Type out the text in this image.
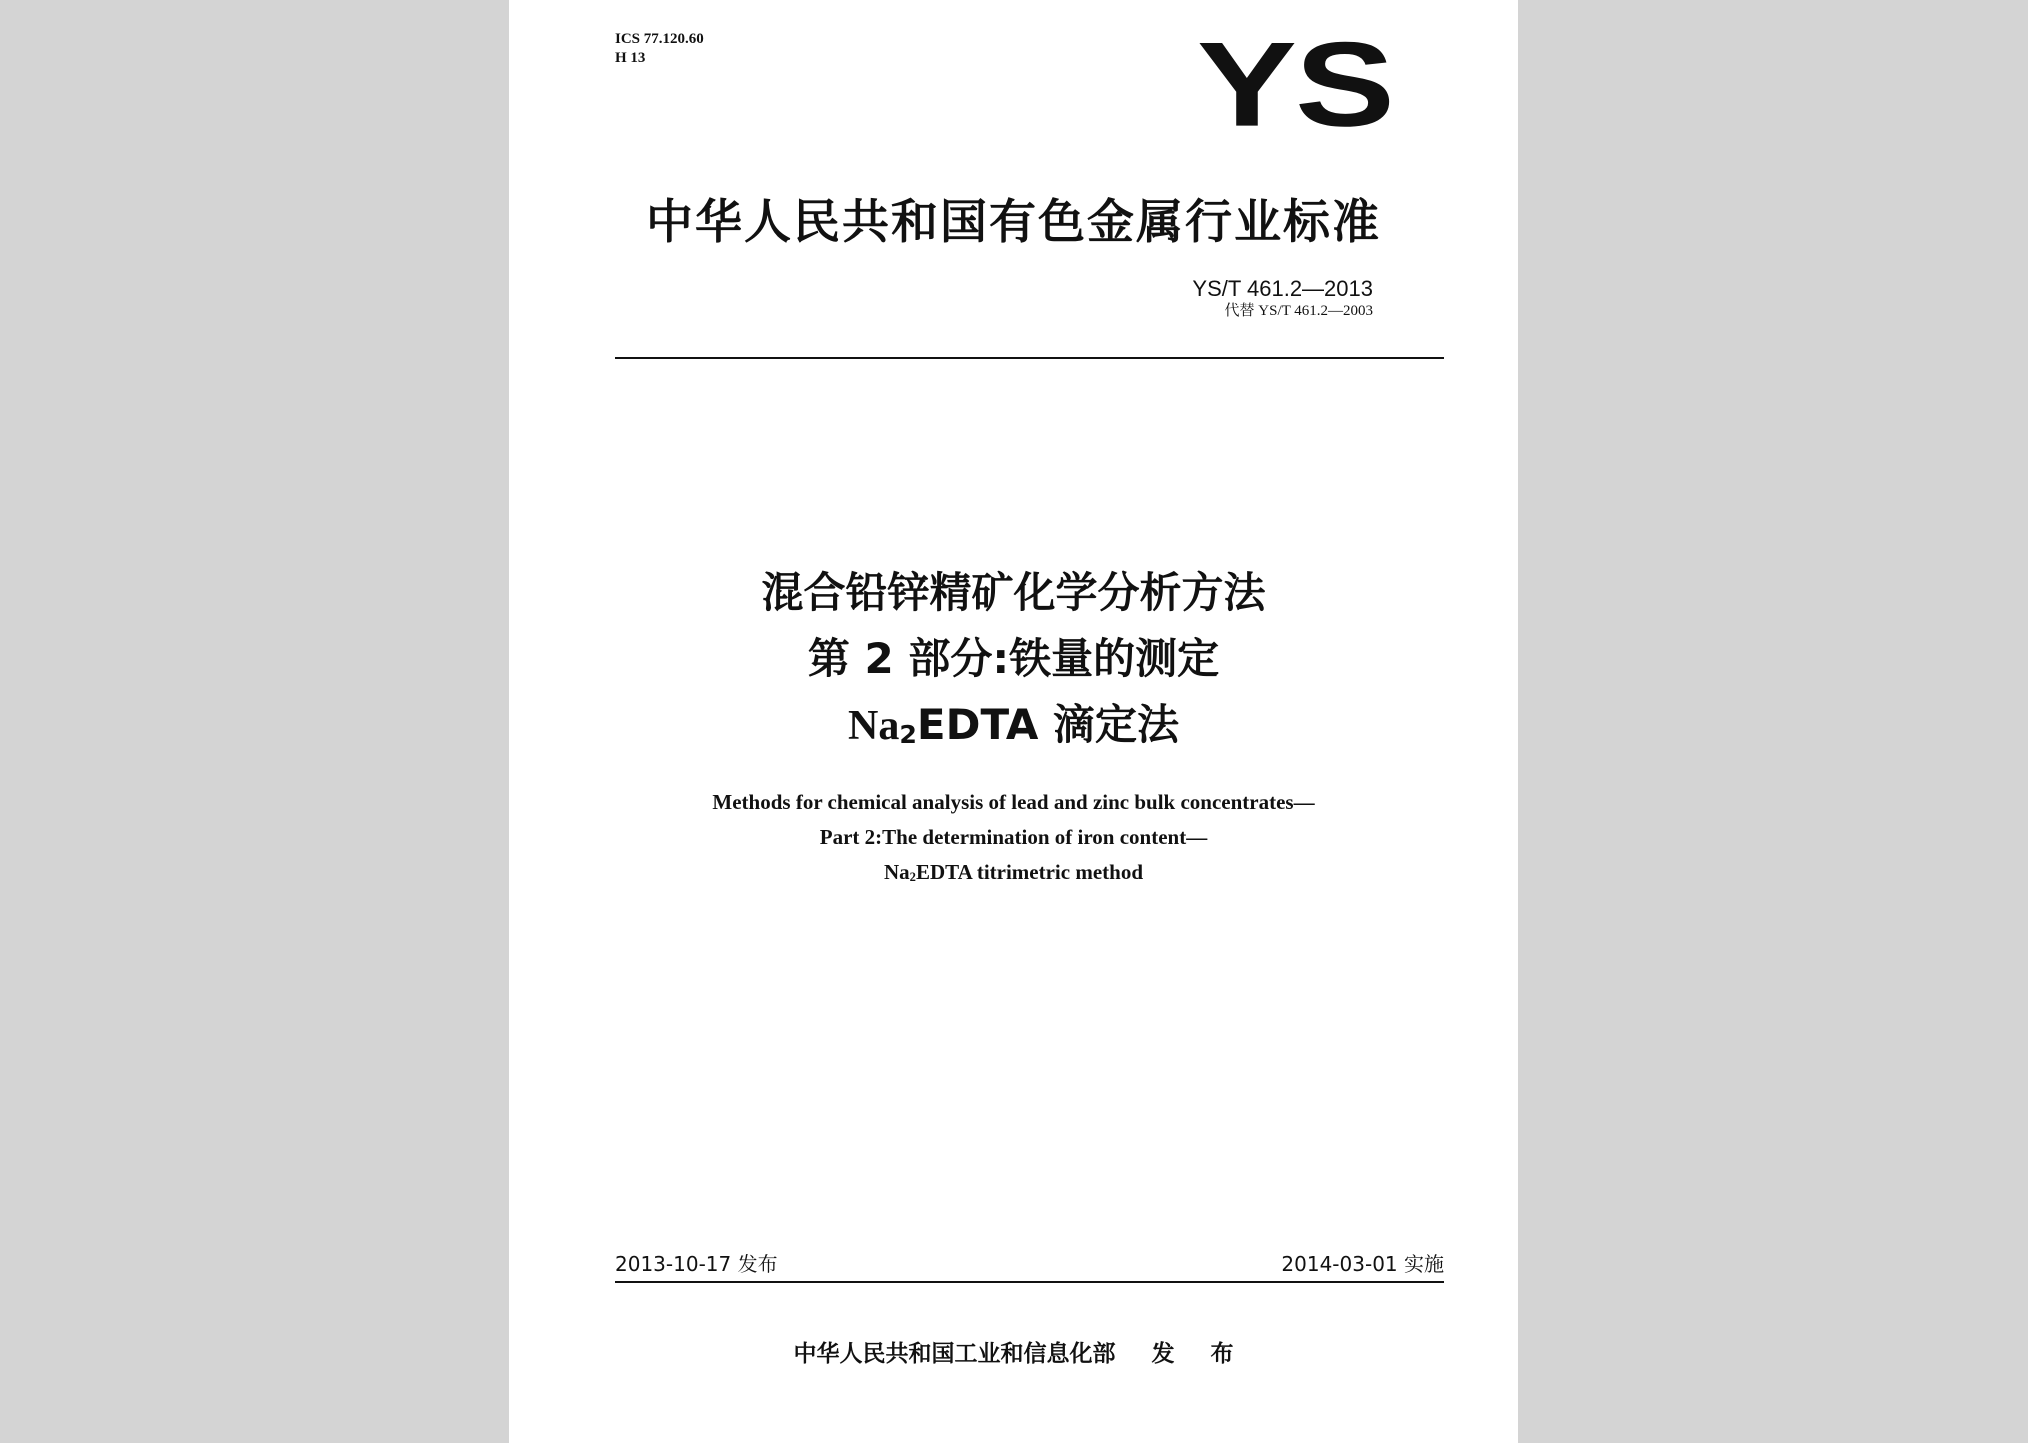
ICS 77.120.60
H 13	YS
中华人民共和国有色金属行业标准
YS/T 461.2—2013
代替 YS/T 461.2—2003
混合铅锌精矿化学分析方法
第 2 部分:铁量的测定
Na2EDTA 滴定法
Methods for chemical analysis of lead and zinc bulk concentrates—
Part 2:The determination of iron content—
Na2EDTA titrimetric method
2013-10-17 发布	2014-03-01 实施
中华人民共和国工业和信息化部 发 布
